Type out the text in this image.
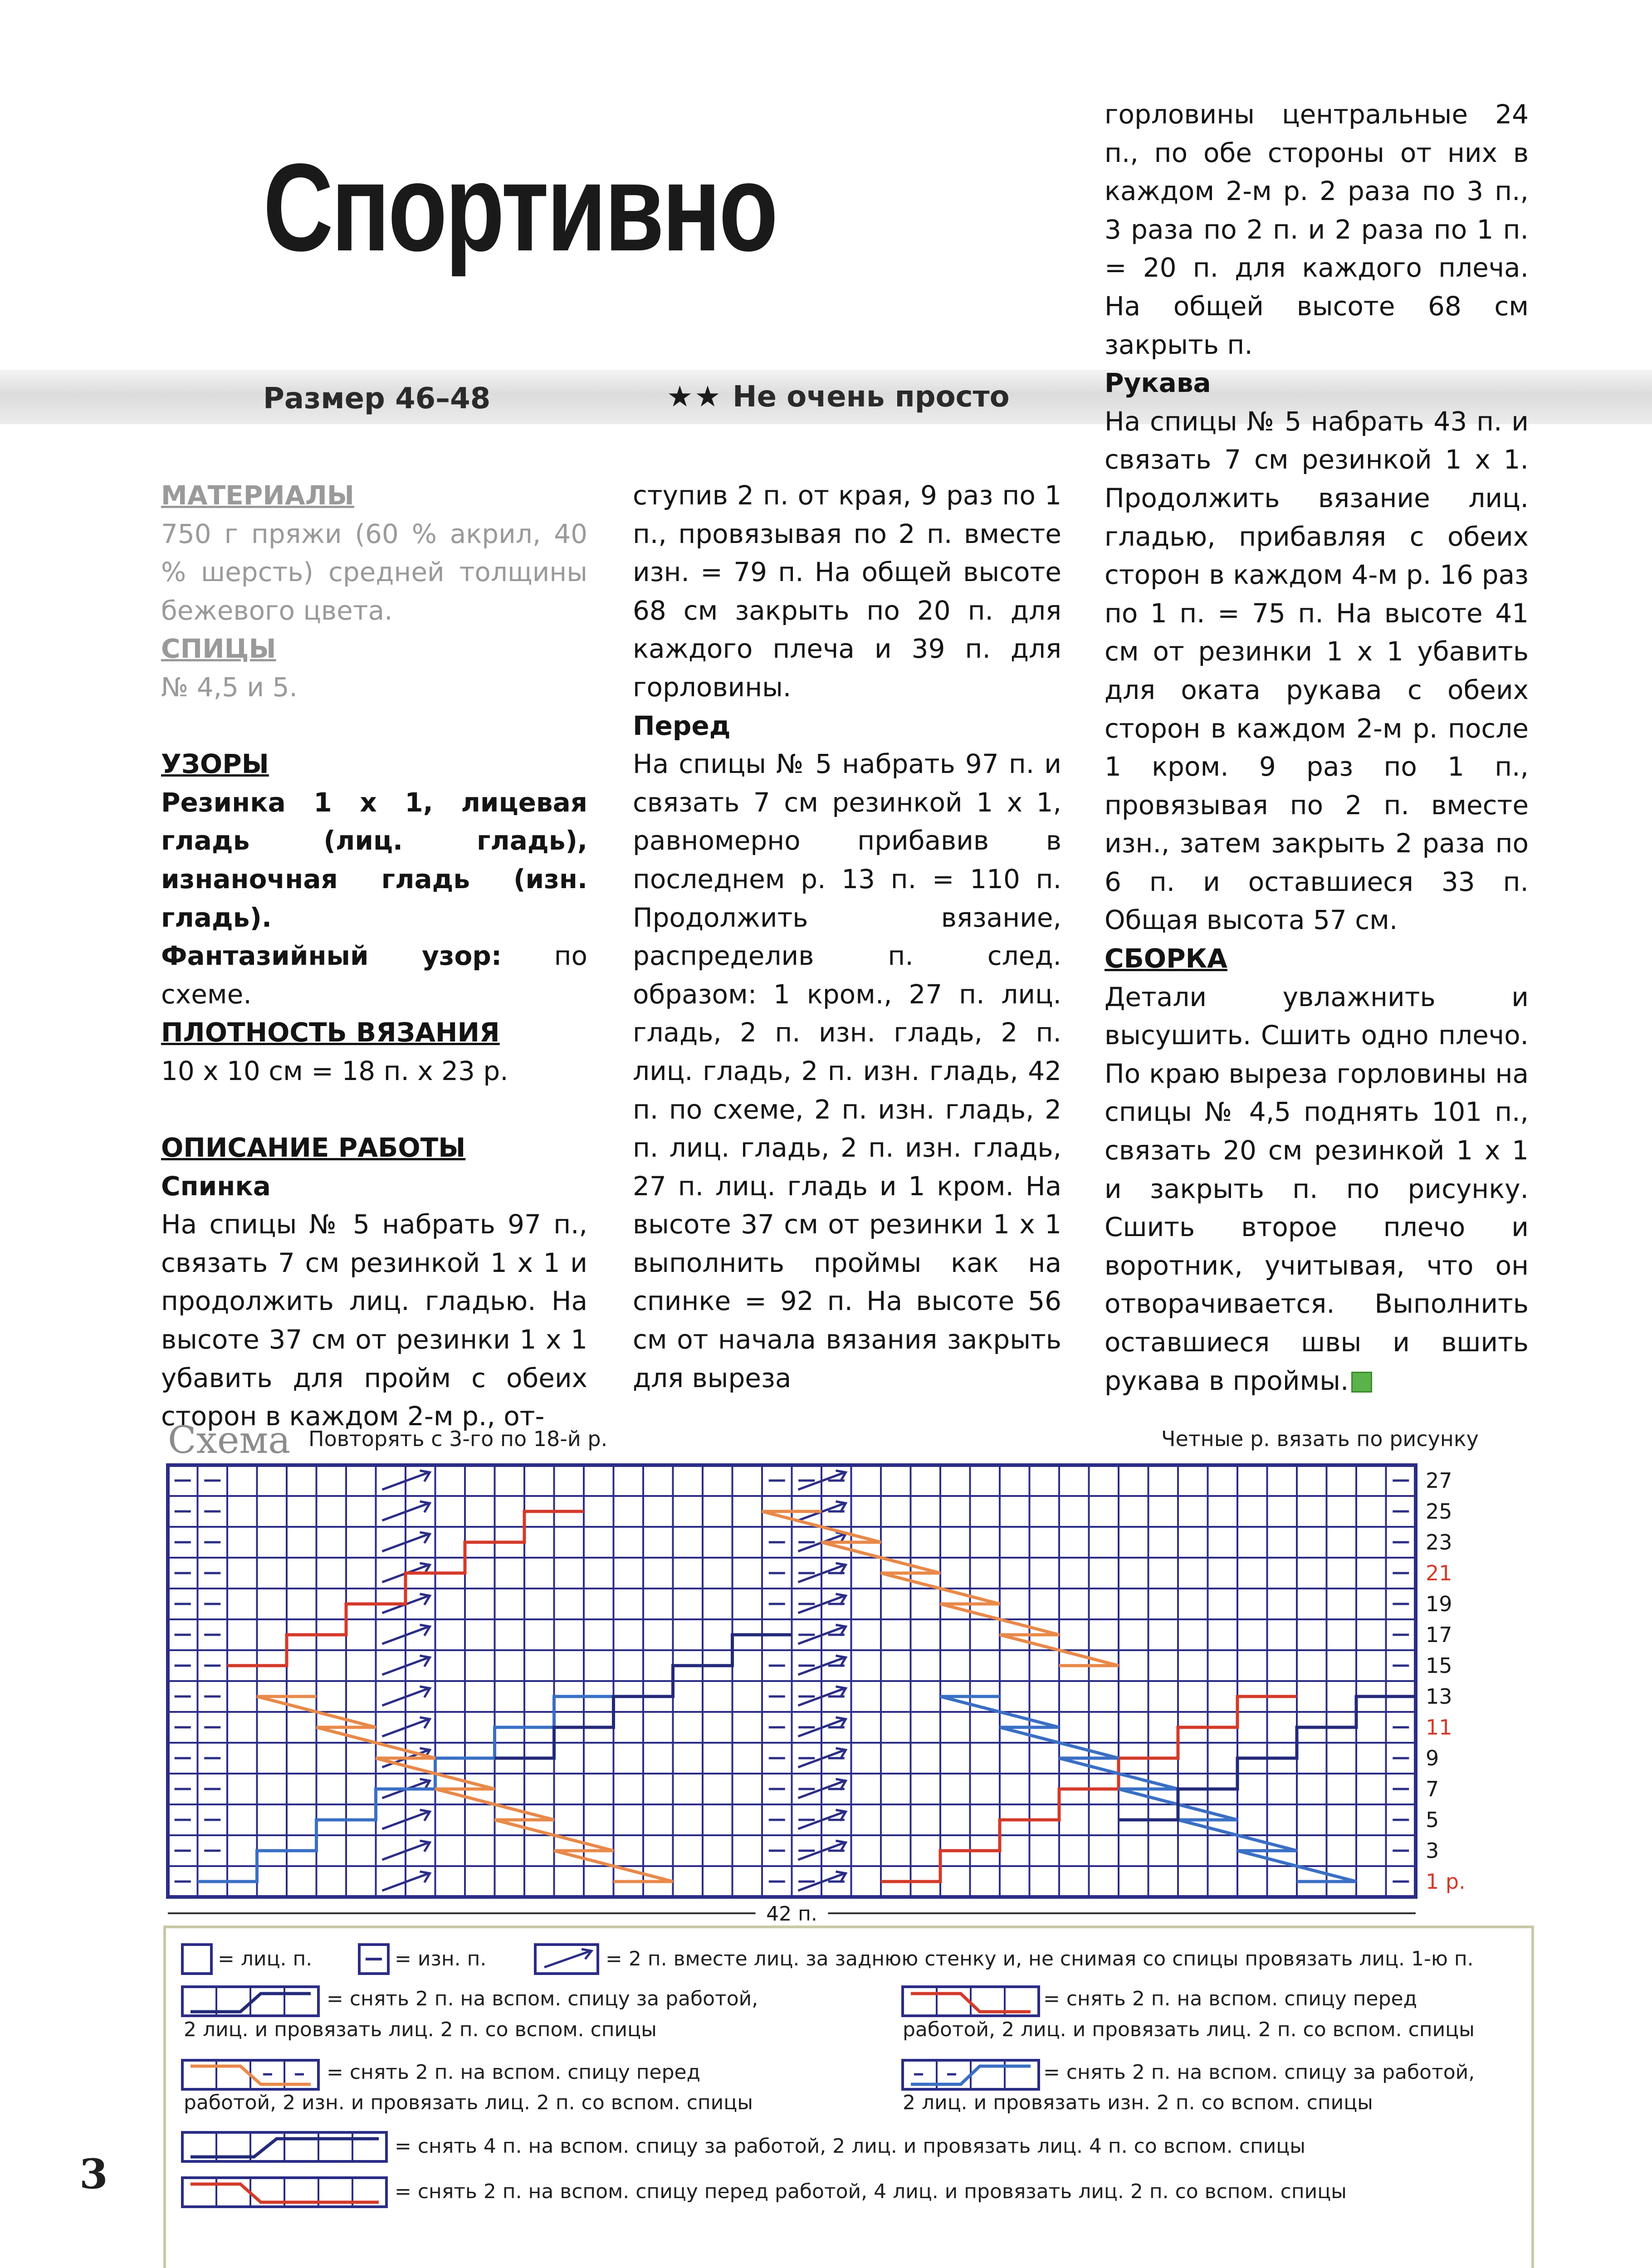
Спортивно
Размер 46–48	★★ Не очень просто

МАТЕРИАЛЫ

750 г пряжи (60 % акрил, 40 % шерсть) средней толщины бежевого цвета.

СПИЦЫ

№ 4,5 и 5.

УЗОРЫ

Резинка 1 х 1, лицевая гладь (лиц. гладь), изнаночная гладь (изн. гладь).

Фантазийный узор: по схеме.

ПЛОТНОСТЬ ВЯЗАНИЯ

10 х 10 см = 18 п. х 23 р.

ОПИСАНИЕ РАБОТЫ

Спинка

На спицы № 5 набрать 97 п., связать 7 см резинкой 1 х 1 и продолжить лиц. гладью. На высоте 37 см от резинки 1 х 1 убавить для пройм с обеих сторон в каждом 2-м р., от-

ступив 2 п. от края, 9 раз по 1 п., провязывая по 2 п. вместе изн. = 79 п. На общей высоте 68 см закрыть по 20 п. для каждого плеча и 39 п. для горловины.

Перед

На спицы № 5 набрать 97 п. и связать 7 см резинкой 1 х 1, равномерно прибавив в последнем р. 13 п. = 110 п. Продолжить вязание, распределив п. след. образом: 1 кром., 27 п. лиц. гладь, 2 п. изн. гладь, 2 п. лиц. гладь, 2 п. изн. гладь, 42 п. по схеме, 2 п. изн. гладь, 2 п. лиц. гладь, 2 п. изн. гладь, 27 п. лиц. гладь и 1 кром. На высоте 37 см от резинки 1 х 1 выполнить проймы как на спинке = 92 п. На высоте 56 см от начала вязания закрыть для выреза

горловины центральные 24 п., по обе стороны от них в каждом 2-м р. 2 раза по 3 п., 3 раза по 2 п. и 2 раза по 1 п. = 20 п. для каждого плеча. На общей высоте 68 см закрыть п.

Рукава

На спицы № 5 набрать 43 п. и связать 7 см резинкой 1 х 1. Продолжить вязание лиц. гладью, прибавляя с обеих сторон в каждом 4-м р. 16 раз по 1 п. = 75 п. На высоте 41 см от резинки 1 х 1 убавить для оката рукава с обеих сторон в каждом 2-м р. после 1 кром. 9 раз по 1 п., провязывая по 2 п. вместе изн., затем закрыть 2 раза по 6 п. и оставшиеся 33 п. Общая высота 57 см.

СБОРКА

Детали увлажнить и высушить. Сшить одно плечо. По краю выреза горловины на спицы № 4,5 поднять 101 п., связать 20 см резинкой 1 х 1 и закрыть п. по рисунку. Сшить второе плечо и воротник, учитывая, что он отворачивается. Выполнить оставшиеся швы и вшить рукава в проймы.

Схема Повторять с 3-го по 18-й р.	Четные р. вязать по рисунку
27
25
23
21
19
17
15
13
11
9
7
5
3
1 р.
42 п.
= лиц. п.	= изн. п.	= 2 п. вместе лиц. за заднюю стенку и, не снимая со спицы провязать лиц. 1-ю п.
= снять 2 п. на вспом. спицу за работой,
2 лиц. и провязать лиц. 2 п. со вспом. спицы
= снять 2 п. на вспом. спицу перед
работой, 2 лиц. и провязать лиц. 2 п. со вспом. спицы
= снять 2 п. на вспом. спицу перед
работой, 2 изн. и провязать лиц. 2 п. со вспом. спицы
= снять 2 п. на вспом. спицу за работой,
2 лиц. и провязать изн. 2 п. со вспом. спицы
= снять 4 п. на вспом. спицу за работой, 2 лиц. и провязать лиц. 4 п. со вспом. спицы
= снять 2 п. на вспом. спицу перед работой, 4 лиц. и провязать лиц. 2 п. со вспом. спицы
3
